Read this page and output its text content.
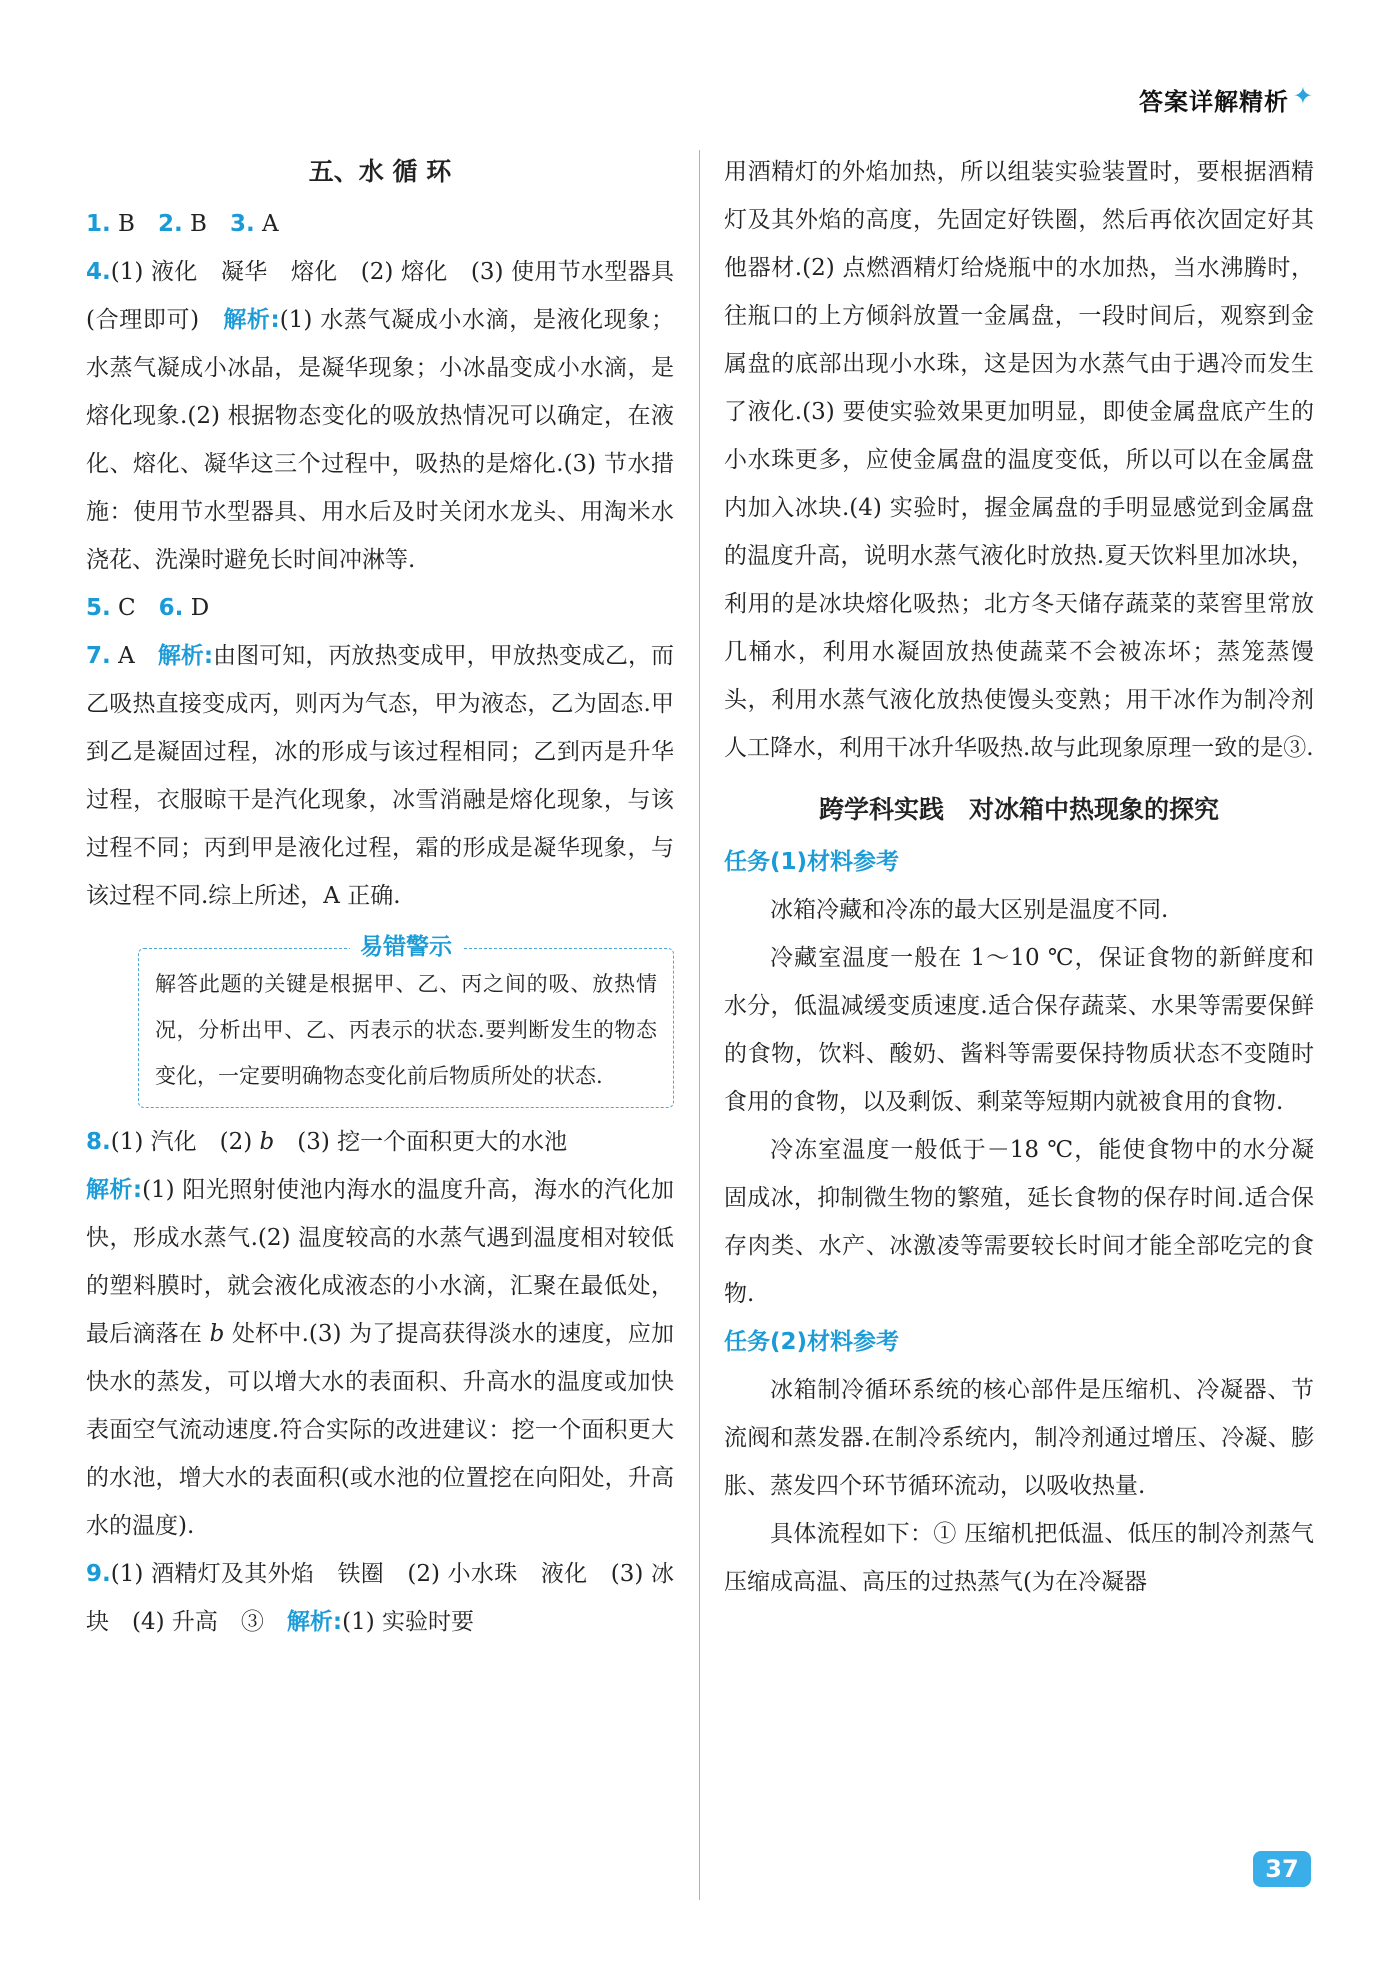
答案详解精析 ✦
五、水 循 环

1. B　2. B　3. A

4.(1) 液化　凝华　熔化　(2) 熔化　(3) 使用节水型器具(合理即可)　解析:(1) 水蒸气凝成小水滴，是液化现象；水蒸气凝成小冰晶，是凝华现象；小冰晶变成小水滴，是熔化现象.(2) 根据物态变化的吸放热情况可以确定，在液化、熔化、凝华这三个过程中，吸热的是熔化.(3) 节水措施：使用节水型器具、用水后及时关闭水龙头、用淘米水浇花、洗澡时避免长时间冲淋等.

5. C　6. D

7. A　解析:由图可知，丙放热变成甲，甲放热变成乙，而乙吸热直接变成丙，则丙为气态，甲为液态，乙为固态.甲到乙是凝固过程，冰的形成与该过程相同；乙到丙是升华过程，衣服晾干是汽化现象，冰雪消融是熔化现象，与该过程不同；丙到甲是液化过程，霜的形成是凝华现象，与该过程不同.综上所述，A 正确.

易错警示

解答此题的关键是根据甲、乙、丙之间的吸、放热情况，分析出甲、乙、丙表示的状态.要判断发生的物态变化，一定要明确物态变化前后物质所处的状态.

8.(1) 汽化　(2) b　(3) 挖一个面积更大的水池
解析:(1) 阳光照射使池内海水的温度升高，海水的汽化加快，形成水蒸气.(2) 温度较高的水蒸气遇到温度相对较低的塑料膜时，就会液化成液态的小水滴，汇聚在最低处，最后滴落在 b 处杯中.(3) 为了提高获得淡水的速度，应加快水的蒸发，可以增大水的表面积、升高水的温度或加快表面空气流动速度.符合实际的改进建议：挖一个面积更大的水池，增大水的表面积(或水池的位置挖在向阳处，升高水的温度).

9.(1) 酒精灯及其外焰　铁圈　(2) 小水珠　液化　(3) 冰块　(4) 升高　③　解析:(1) 实验时要

用酒精灯的外焰加热，所以组装实验装置时，要根据酒精灯及其外焰的高度，先固定好铁圈，然后再依次固定好其他器材.(2) 点燃酒精灯给烧瓶中的水加热，当水沸腾时，往瓶口的上方倾斜放置一金属盘，一段时间后，观察到金属盘的底部出现小水珠，这是因为水蒸气由于遇冷而发生了液化.(3) 要使实验效果更加明显，即使金属盘底产生的小水珠更多，应使金属盘的温度变低，所以可以在金属盘内加入冰块.(4) 实验时，握金属盘的手明显感觉到金属盘的温度升高，说明水蒸气液化时放热.夏天饮料里加冰块，利用的是冰块熔化吸热；北方冬天储存蔬菜的菜窖里常放几桶水，利用水凝固放热使蔬菜不会被冻坏；蒸笼蒸馒头，利用水蒸气液化放热使馒头变熟；用干冰作为制冷剂人工降水，利用干冰升华吸热.故与此现象原理一致的是③.

跨学科实践　对冰箱中热现象的探究
任务(1)材料参考

冰箱冷藏和冷冻的最大区别是温度不同.

冷藏室温度一般在 1～10 ℃，保证食物的新鲜度和水分，低温减缓变质速度.适合保存蔬菜、水果等需要保鲜的食物，饮料、酸奶、酱料等需要保持物质状态不变随时食用的食物，以及剩饭、剩菜等短期内就被食用的食物.

冷冻室温度一般低于－18 ℃，能使食物中的水分凝固成冰，抑制微生物的繁殖，延长食物的保存时间.适合保存肉类、水产、冰激凌等需要较长时间才能全部吃完的食物.

任务(2)材料参考

冰箱制冷循环系统的核心部件是压缩机、冷凝器、节流阀和蒸发器.在制冷系统内，制冷剂通过增压、冷凝、膨胀、蒸发四个环节循环流动，以吸收热量.

具体流程如下：① 压缩机把低温、低压的制冷剂蒸气压缩成高温、高压的过热蒸气(为在冷凝器

37
